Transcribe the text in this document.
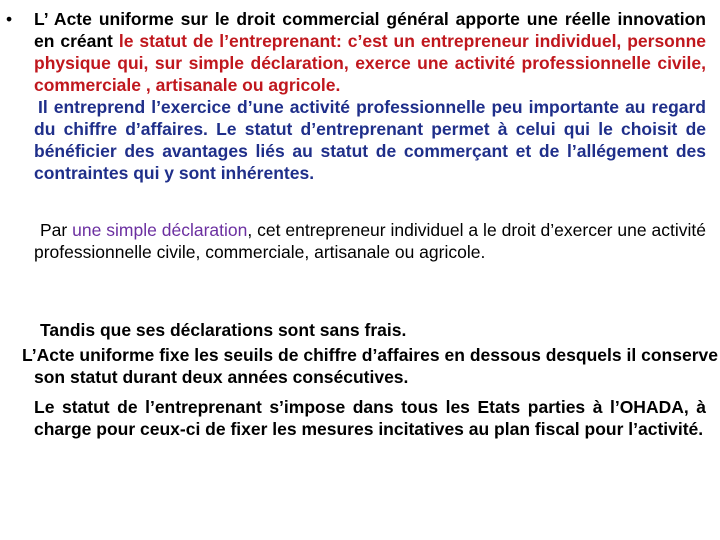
• L’ Acte uniforme sur le droit commercial général apporte une réelle innovation en créant le statut de l’entreprenant: c’est un entrepreneur individuel, personne physique qui, sur simple déclaration, exerce une activité professionnelle civile, commerciale , artisanale ou agricole.

Il entreprend l’exercice d’une activité professionnelle peu importante au regard du chiffre d’affaires. Le statut d’entreprenant permet à celui qui le choisit de bénéficier des avantages liés au statut de commerçant et de l’allégement des contraintes qui y sont inhérentes.

Par une simple déclaration, cet entrepreneur individuel a le droit d’exercer une activité professionnelle civile, commerciale, artisanale ou agricole.

Tandis que ses déclarations sont sans frais.

L’Acte uniforme fixe les seuils de chiffre d’affaires en dessous desquels il conserve son statut durant deux années consécutives.

Le statut de l’entreprenant s’impose dans tous les Etats parties à l’OHADA, à charge pour ceux-ci de fixer les mesures incitatives au plan fiscal pour l’activité.
